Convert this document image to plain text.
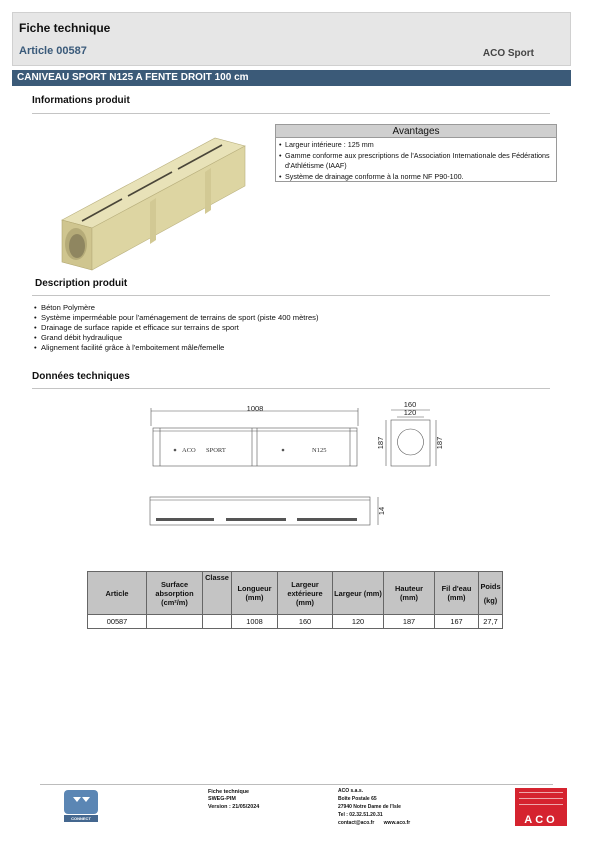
Fiche technique
Article 00587	ACO Sport
CANIVEAU SPORT N125 A FENTE DROIT 100 cm
Informations produit
Avantages
• Largeur intérieure : 125 mm
• Gamme conforme aux prescriptions de l'Association Internationale des Fédérations d'Athlétisme (IAAF)
• Système de drainage conforme à la norme NF P90-100.
Description produit
• Béton Polymère
• Système imperméable pour l'aménagement de terrains de sport (piste 400 mètres)
• Drainage de surface rapide et efficace sur terrains de sport
• Grand débit hydraulique
• Alignement facilité grâce à l'emboitement mâle/femelle
Données techniques
1008	160
120
187	187
14
ACO SPORT	N125
Article	Surface absorption (cm²/m)	Classe	Longueur (mm)	Largeur extérieure (mm)	Largeur (mm)	Hauteur (mm)	Fil d'eau (mm)	Poids
(kg)

00587			1008	160	120	187	167	27,7
CONNECT
Fiche technique
SWEG-PIM
Version : 21/05/2024
ACO s.a.s.
Boîte Postale 65
27940 Notre Dame de l'Isle
Tel : 02.32.51.20.31
contact@aco.fr www.aco.fr	ACO
